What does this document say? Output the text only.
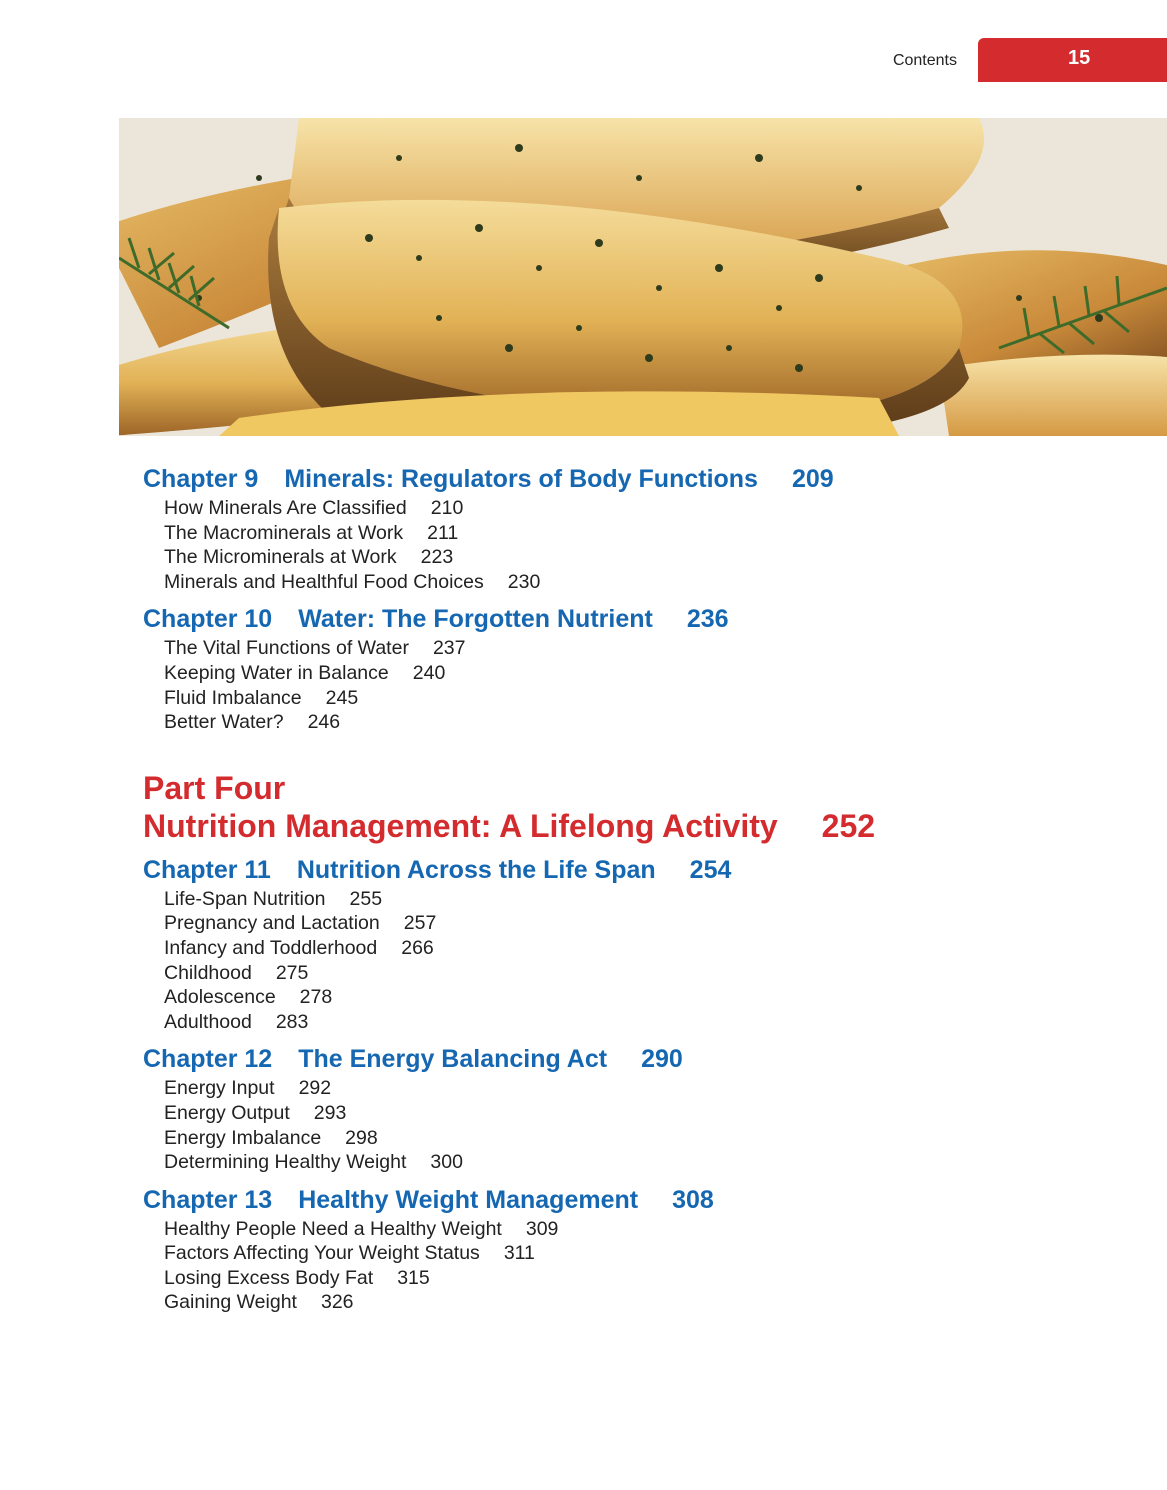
Contents	15
Chapter 9 Minerals: Regulators of Body Functions 209
How Minerals Are Classified 210
The Macrominerals at Work 211
The Microminerals at Work 223
Minerals and Healthful Food Choices 230
Chapter 10 Water: The Forgotten Nutrient 236
The Vital Functions of Water 237
Keeping Water in Balance 240
Fluid Imbalance 245
Better Water? 246
Part Four
Nutrition Management: A Lifelong Activity 252
Chapter 11 Nutrition Across the Life Span 254
Life-Span Nutrition 255
Pregnancy and Lactation 257
Infancy and Toddlerhood 266
Childhood 275
Adolescence 278
Adulthood 283
Chapter 12 The Energy Balancing Act 290
Energy Input 292
Energy Output 293
Energy Imbalance 298
Determining Healthy Weight 300
Chapter 13 Healthy Weight Management 308
Healthy People Need a Healthy Weight 309
Factors Affecting Your Weight Status 311
Losing Excess Body Fat 315
Gaining Weight 326
